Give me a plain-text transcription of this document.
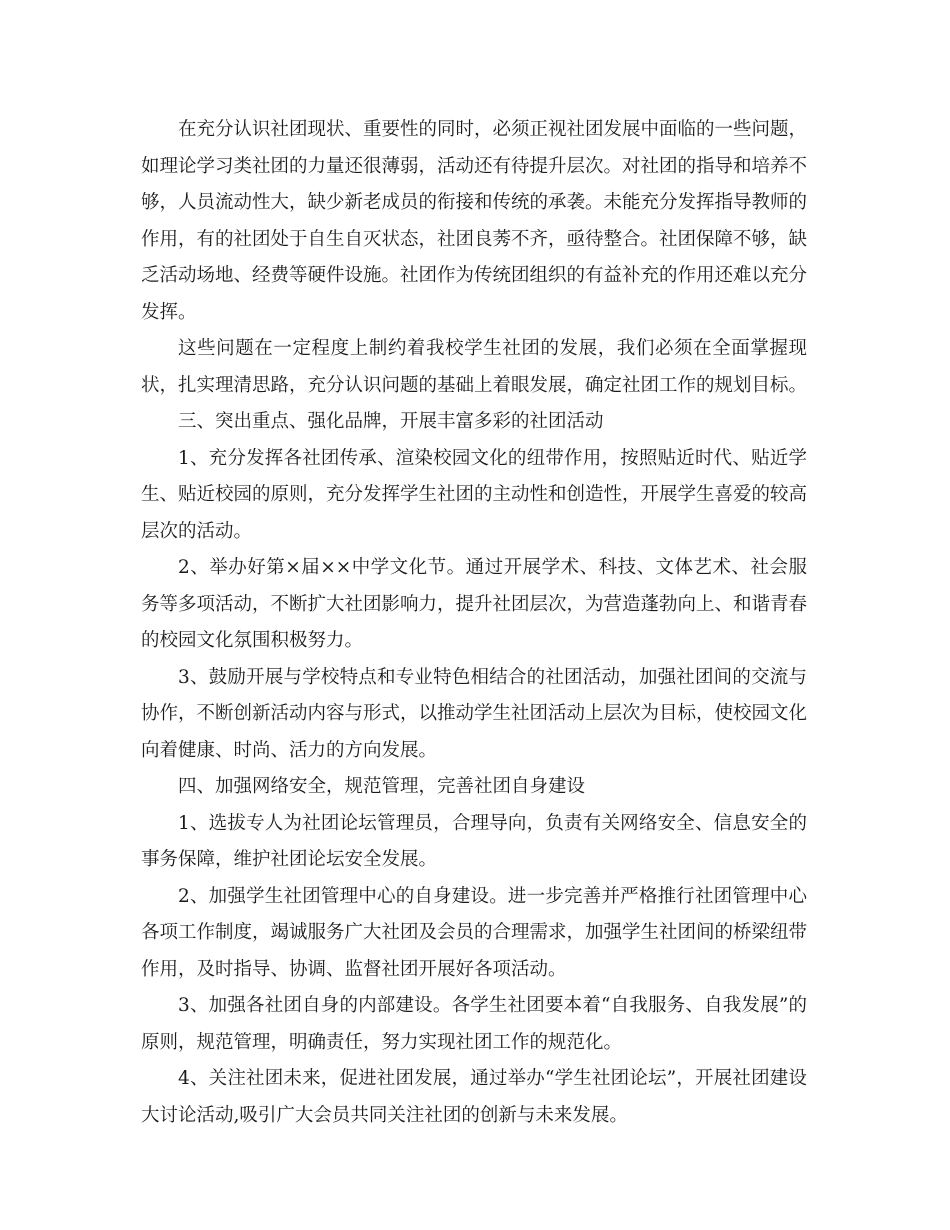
在充分认识社团现状、重要性的同时，必须正视社团发展中面临的一些问题，如理论学习类社团的力量还很薄弱，活动还有待提升层次。对社团的指导和培养不够，人员流动性大，缺少新老成员的衔接和传统的承袭。未能充分发挥指导教师的作用，有的社团处于自生自灭状态，社团良莠不齐，亟待整合。社团保障不够，缺乏活动场地、经费等硬件设施。社团作为传统团组织的有益补充的作用还难以充分发挥。

这些问题在一定程度上制约着我校学生社团的发展，我们必须在全面掌握现状，扎实理清思路，充分认识问题的基础上着眼发展，确定社团工作的规划目标。

三、突出重点、强化品牌，开展丰富多彩的社团活动

1、充分发挥各社团传承、渲染校园文化的纽带作用，按照贴近时代、贴近学生、贴近校园的原则，充分发挥学生社团的主动性和创造性，开展学生喜爱的较高层次的活动。

2、举办好第×届××中学文化节。通过开展学术、科技、文体艺术、社会服务等多项活动，不断扩大社团影响力，提升社团层次，为营造蓬勃向上、和谐青春的校园文化氛围积极努力。

3、鼓励开展与学校特点和专业特色相结合的社团活动，加强社团间的交流与协作，不断创新活动内容与形式，以推动学生社团活动上层次为目标，使校园文化向着健康、时尚、活力的方向发展。

四、加强网络安全，规范管理，完善社团自身建设

1、选拔专人为社团论坛管理员，合理导向，负责有关网络安全、信息安全的事务保障，维护社团论坛安全发展。

2、加强学生社团管理中心的自身建设。进一步完善并严格推行社团管理中心各项工作制度，竭诚服务广大社团及会员的合理需求，加强学生社团间的桥梁纽带作用，及时指导、协调、监督社团开展好各项活动。

3、加强各社团自身的内部建设。各学生社团要本着“自我服务、自我发展”的原则，规范管理，明确责任，努力实现社团工作的规范化。

4、关注社团未来，促进社团发展，通过举办“学生社团论坛”，开展社团建设大讨论活动,吸引广大会员共同关注社团的创新与未来发展。
